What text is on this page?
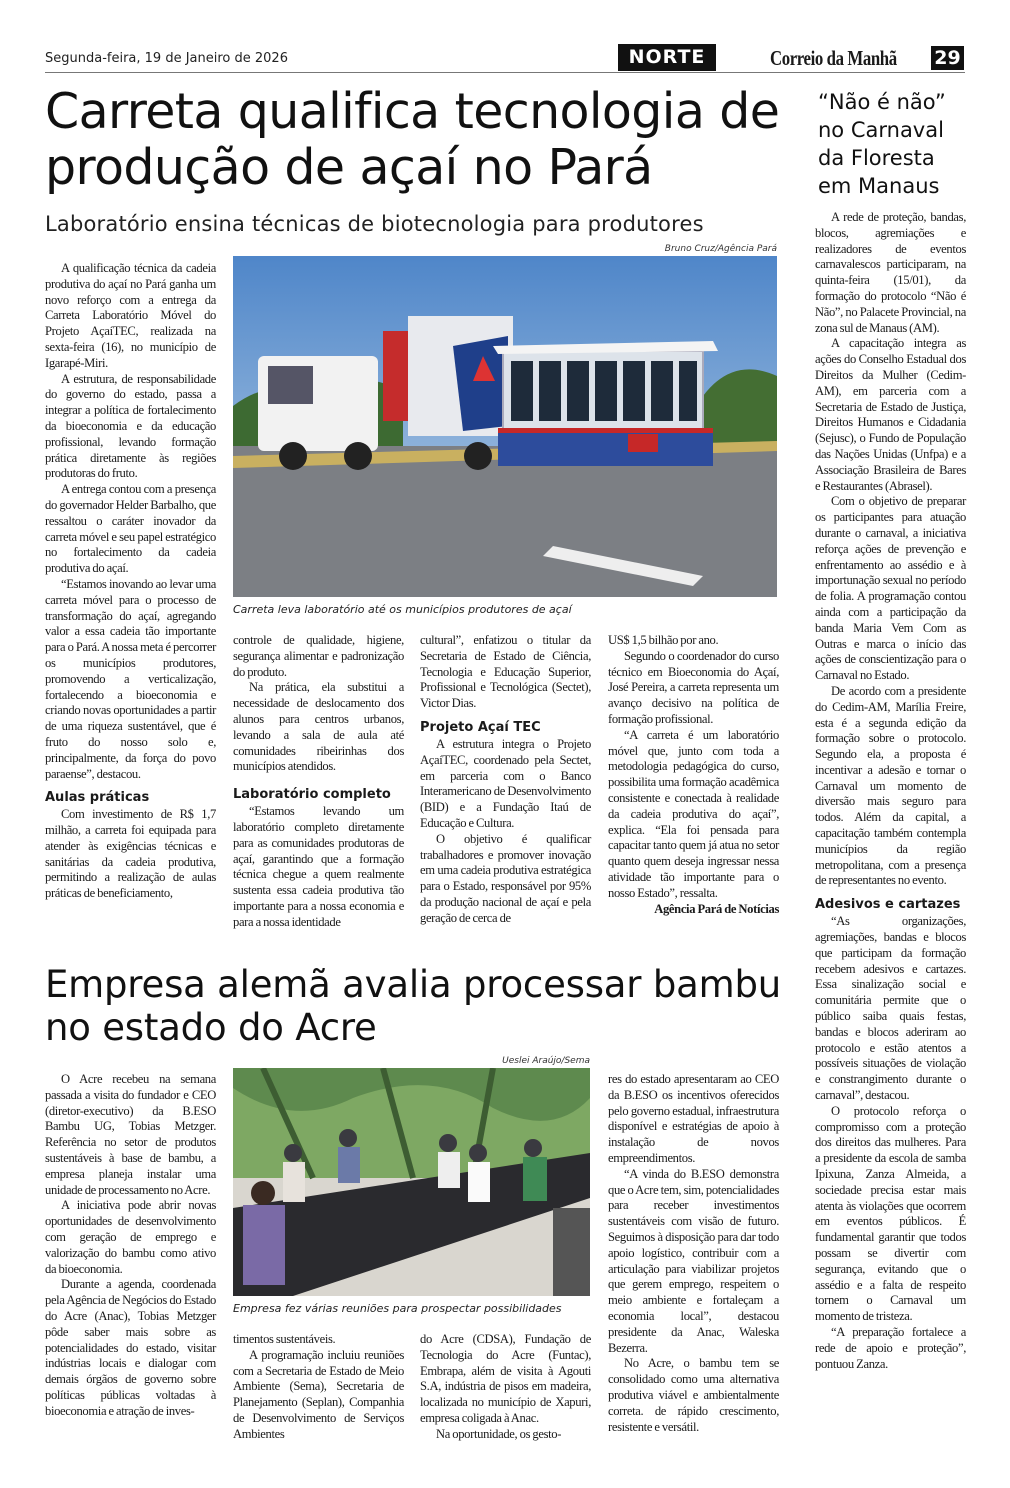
Segunda-feira, 19 de Janeiro de 2026	NORTE	Correio da Manhã 29
Carreta qualifica tecnologia de produção de açaí no Pará
Laboratório ensina técnicas de biotecnologia para produtores
Bruno Cruz/Agência Pará
Carreta leva laboratório até os municípios produtores de açaí

A qualificação técnica da cadeia produtiva do açaí no Pará ganha um novo reforço com a entrega da Carreta Laboratório Móvel do Projeto AçaíTEC, realizada na sexta-feira (16), no município de Igarapé-Miri.

A estrutura, de responsabilidade do governo do estado, passa a integrar a política de fortalecimento da bioeconomia e da educação profissional, levando formação prática diretamente às regiões produtoras do fruto.

A entrega contou com a presença do governador Helder Barbalho, que ressaltou o caráter inovador da carreta móvel e seu papel estratégico no fortalecimento da cadeia produtiva do açaí.

“Estamos inovando ao levar uma carreta móvel para o processo de transformação do açaí, agregando valor a essa cadeia tão importante para o Pará. A nossa meta é percorrer os municípios produtores, promovendo a verticalização, fortalecendo a bioeconomia e criando novas oportunidades a partir de uma riqueza sustentável, que é fruto do nosso solo e, principalmente, da força do povo paraense”, destacou.

Aulas práticas

Com investimento de R$ 1,7 milhão, a carreta foi equipada para atender às exigências técnicas e sanitárias da cadeia produtiva, permitindo a realização de aulas práticas de beneficiamento,

controle de qualidade, higiene, segurança alimentar e padronização do produto.

Na prática, ela substitui a necessidade de deslocamento dos alunos para centros urbanos, levando a sala de aula até comunidades ribeirinhas dos municípios atendidos.

Laboratório completo

“Estamos levando um laboratório completo diretamente para as comunidades produtoras de açaí, garantindo que a formação técnica chegue a quem realmente sustenta essa cadeia produtiva tão importante para a nossa economia e para a nossa identidade

cultural”, enfatizou o titular da Secretaria de Estado de Ciência, Tecnologia e Educação Superior, Profissional e Tecnológica (Sectet), Victor Dias.

Projeto Açaí TEC

A estrutura integra o Projeto AçaíTEC, coordenado pela Sectet, em parceria com o Banco Interamericano de Desenvolvimento (BID) e a Fundação Itaú de Educação e Cultura.

O objetivo é qualificar trabalhadores e promover inovação em uma cadeia produtiva estratégica para o Estado, responsável por 95% da produção nacional de açaí e pela geração de cerca de

US$ 1,5 bilhão por ano.

Segundo o coordenador do curso técnico em Bioeconomia do Açaí, José Pereira, a carreta representa um avanço decisivo na política de formação profissional.

“A carreta é um laboratório móvel que, junto com toda a metodologia pedagógica do curso, possibilita uma formação acadêmica consistente e conectada à realidade da cadeia produtiva do açaí”, explica. “Ela foi pensada para capacitar tanto quem já atua no setor quanto quem deseja ingressar nessa atividade tão importante para o nosso Estado”, ressalta.

Agência Pará de Notícias

“Não é não” no Carnaval da Floresta em Manaus

A rede de proteção, bandas, blocos, agremiações e realizadores de eventos carnavalescos participaram, na quinta-feira (15/01), da formação do protocolo “Não é Não”, no Palacete Provincial, na zona sul de Manaus (AM).

A capacitação integra as ações do Conselho Estadual dos Direitos da Mulher (Cedim-AM), em parceria com a Secretaria de Estado de Justiça, Direitos Humanos e Cidadania (Sejusc), o Fundo de População das Nações Unidas (Unfpa) e a Associação Brasileira de Bares e Restaurantes (Abrasel).

Com o objetivo de preparar os participantes para atuação durante o carnaval, a iniciativa reforça ações de prevenção e enfrentamento ao assédio e à importunação sexual no período de folia. A programação contou ainda com a participação da banda Maria Vem Com as Outras e marca o início das ações de conscientização para o Carnaval no Estado.

De acordo com a presidente do Cedim-AM, Marília Freire, esta é a segunda edição da formação sobre o protocolo. Segundo ela, a proposta é incentivar a adesão e tornar o Carnaval um momento de diversão mais seguro para todos. Além da capital, a capacitação também contempla municípios da região metropolitana, com a presença de representantes no evento.

Adesivos e cartazes

“As organizações, agremiações, bandas e blocos que participam da formação recebem adesivos e cartazes. Essa sinalização social e comunitária permite que o público saiba quais festas, bandas e blocos aderiram ao protocolo e estão atentos a possíveis situações de violação e constrangimento durante o carnaval”, destacou.

O protocolo reforça o compromisso com a proteção dos direitos das mulheres. Para a presidente da escola de samba Ipixuna, Zanza Almeida, a sociedade precisa estar mais atenta às violações que ocorrem em eventos públicos. É fundamental garantir que todos possam se divertir com segurança, evitando que o assédio e a falta de respeito tornem o Carnaval um momento de tristeza.

“A preparação fortalece a rede de apoio e proteção”, pontuou Zanza.

Empresa alemã avalia processar bambu no estado do Acre
Ueslei Araújo/Sema
Empresa fez várias reuniões para prospectar possibilidades

O Acre recebeu na semana passada a visita do fundador e CEO (diretor-executivo) da B.ESO Bambu UG, Tobias Metzger. Referência no setor de produtos sustentáveis à base de bambu, a empresa planeja instalar uma unidade de processamento no Acre.

A iniciativa pode abrir novas oportunidades de desenvolvimento com geração de emprego e valorização do bambu como ativo da bioeconomia.

Durante a agenda, coordenada pela Agência de Negócios do Estado do Acre (Anac), Tobias Metzger pôde saber mais sobre as potencialidades do estado, visitar indústrias locais e dialogar com demais órgãos de governo sobre políticas públicas voltadas à bioeconomia e atração de inves-

timentos sustentáveis.

A programação incluiu reuniões com a Secretaria de Estado de Meio Ambiente (Sema), Secretaria de Planejamento (Seplan), Companhia de Desenvolvimento de Serviços Ambientes

do Acre (CDSA), Fundação de Tecnologia do Acre (Funtac), Embrapa, além de visita à Agouti S.A, indústria de pisos em madeira, localizada no município de Xapuri, empresa coligada à Anac.

Na oportunidade, os gesto-

res do estado apresentaram ao CEO da B.ESO os incentivos oferecidos pelo governo estadual, infraestrutura disponível e estratégias de apoio à instalação de novos empreendimentos.

“A vinda do B.ESO demonstra que o Acre tem, sim, potencialidades para receber investimentos sustentáveis com visão de futuro. Seguimos à disposição para dar todo apoio logístico, contribuir com a articulação para viabilizar projetos que gerem emprego, respeitem o meio ambiente e fortaleçam a economia local”, destacou presidente da Anac, Waleska Bezerra.

No Acre, o bambu tem se consolidado como uma alternativa produtiva viável e ambientalmente correta. de rápido crescimento, resistente e versátil.
